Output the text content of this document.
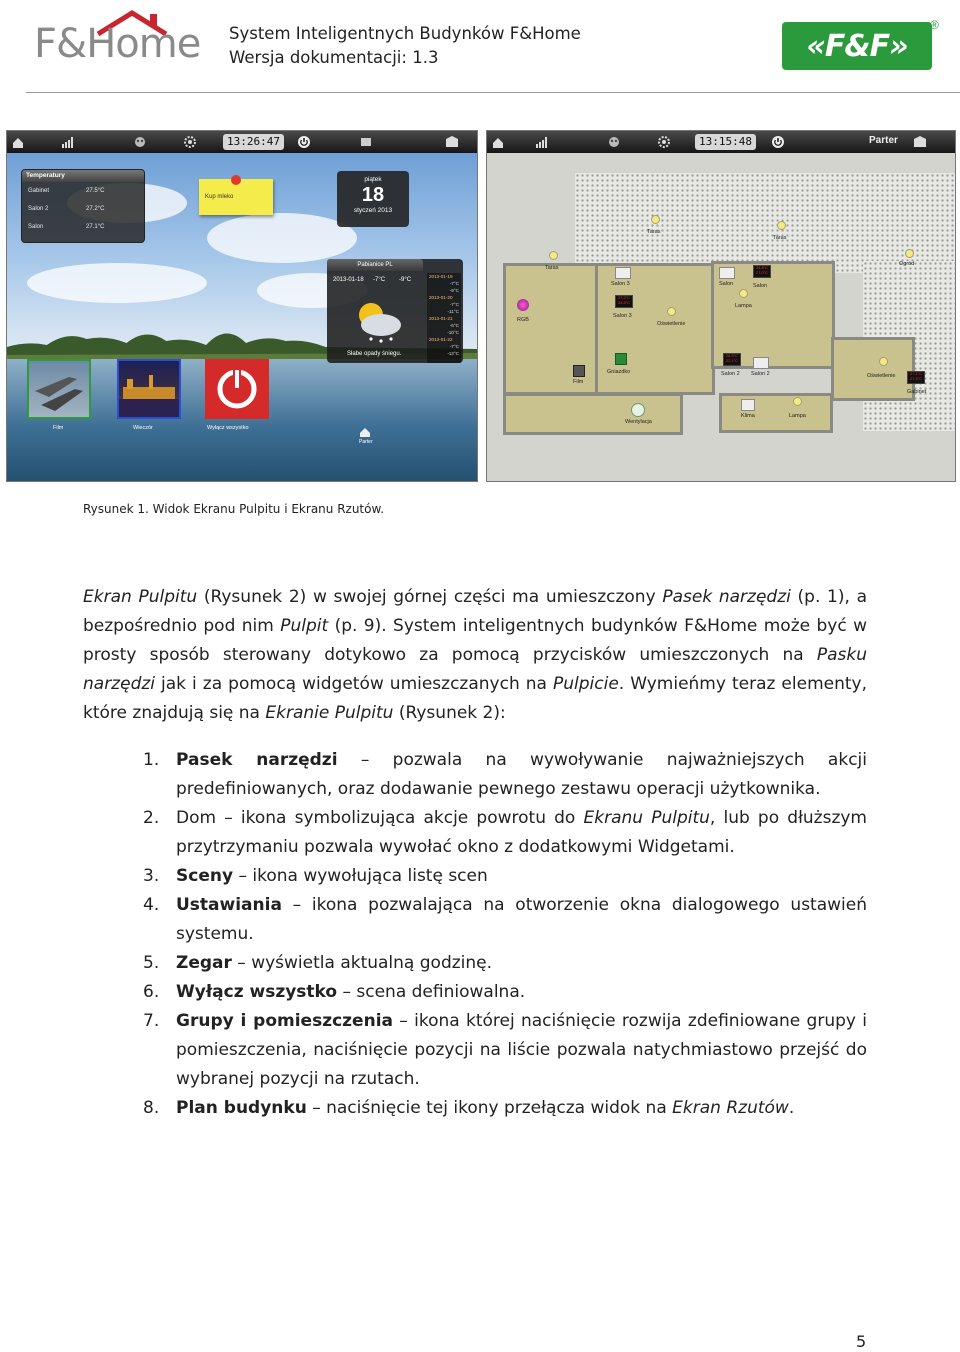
F&Home System Inteligentnych Budynków F&Home
Wersja dokumentacji: 1.3	«F&F»
®
13:26:47
Temperatury
Gabinet	27.5°C
Salon 2	27.2°C
Salon	27.1°C
Kup mleko
piątek
18
styczeń 2013
Pabianice PL
2013-01-18 -7°C -9°C
2013-01-19
-7°C
-9°C
2013-01-20
-7°C
-11°C
2013-01-21
-6°C
-10°C
2013-01-22
-7°C
-13°C
Słabe opady śniegu.
Film	Wieczór	Wyłącz wszystko
Parter
Taras
Taras
Taras
Ogród
Salon 3	Salon	Salon
Salon 3
Lampa
Oświetlenie
RGB
Film
Gniazdko	Salon 2 Salon 2	Oświetlenie
Gabinet
Wentylacja
Klima	Lampa
24.8°C
27.0°C
27.2°C
24.8°C
26.9°C
22.1°C
27.1°C
27.5°C
13:15:48	Parter
Rysunek 1. Widok Ekranu Pulpitu i Ekranu Rzutów.
Ekran Pulpitu (Rysunek 2) w swojej górnej części ma umieszczony Pasek narzędzi (p. 1), a bezpośrednio pod nim Pulpit (p. 9). System inteligentnych budynków F&Home może być w prosty sposób sterowany dotykowo za pomocą przycisków umieszczonych na Pasku narzędzi jak i za pomocą widgetów umieszczanych na Pulpicie. Wymieńmy teraz elementy, które znajdują się na Ekranie Pulpitu (Rysunek 2):
1. Pasek narzędzi – pozwala na wywoływanie najważniejszych akcji predefiniowanych, oraz dodawanie pewnego zestawu operacji użytkownika.
2. Dom – ikona symbolizująca akcje powrotu do Ekranu Pulpitu, lub po dłuższym przytrzymaniu pozwala wywołać okno z dodatkowymi Widgetami.
3. Sceny – ikona wywołująca listę scen
4. Ustawiania – ikona pozwalająca na otworzenie okna dialogowego ustawień systemu.
5. Zegar – wyświetla aktualną godzinę.
6. Wyłącz wszystko – scena definiowalna.
7. Grupy i pomieszczenia – ikona której naciśnięcie rozwija zdefiniowane grupy i pomieszczenia, naciśnięcie pozycji na liście pozwala natychmiastowo przejść do wybranej pozycji na rzutach.
8. Plan budynku – naciśnięcie tej ikony przełącza widok na Ekran Rzutów.
5
